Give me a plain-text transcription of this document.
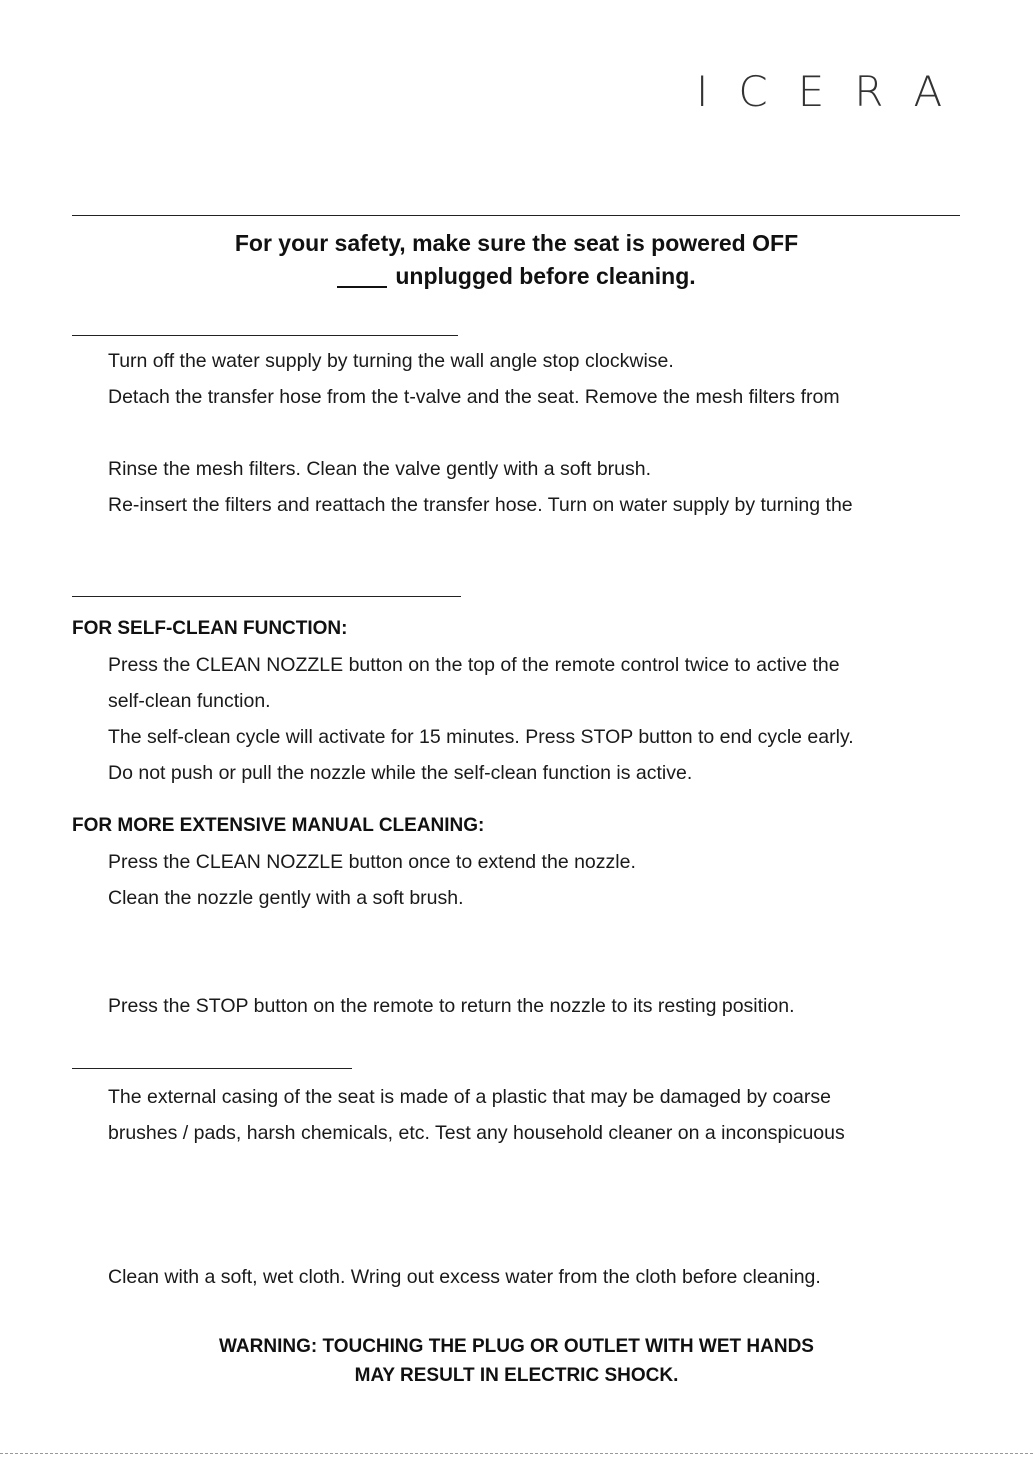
ICERA
For your safety, make sure the seat is powered OFF
unplugged before cleaning.
Turn off the water supply by turning the wall angle stop clockwise.
Detach the transfer hose from the t-valve and the seat. Remove the mesh filters from
Rinse the mesh filters. Clean the valve gently with a soft brush.
Re-insert the filters and reattach the transfer hose. Turn on water supply by turning the
FOR SELF-CLEAN FUNCTION:
Press the CLEAN NOZZLE button on the top of the remote control twice to active the
self-clean function.
The self-clean cycle will activate for 15 minutes. Press STOP button to end cycle early.
Do not push or pull the nozzle while the self-clean function is active.
FOR MORE EXTENSIVE MANUAL CLEANING:
Press the CLEAN NOZZLE button once to extend the nozzle.
Clean the nozzle gently with a soft brush.
Press the STOP button on the remote to return the nozzle to its resting position.
The external casing of the seat is made of a plastic that may be damaged by coarse
brushes / pads, harsh chemicals, etc. Test any household cleaner on a inconspicuous
Clean with a soft, wet cloth. Wring out excess water from the cloth before cleaning.
WARNING: TOUCHING THE PLUG OR OUTLET WITH WET HANDS
MAY RESULT IN ELECTRIC SHOCK.
